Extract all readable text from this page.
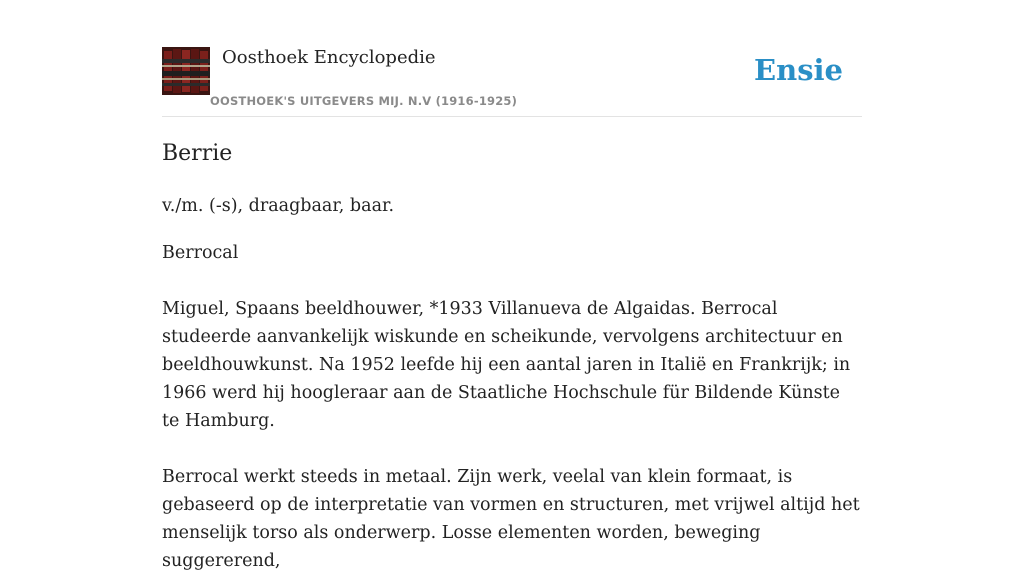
Oosthoek Encyclopedie
OOSTHOEK'S UITGEVERS MIJ. N.V (1916-1925)
Ensie
Berrie

v./m. (-s), draagbaar, baar.

Berrocal

Miguel, Spaans beeldhouwer, *1933 Villanueva de Algaidas. Berrocal studeerde aanvankelijk wiskunde en scheikunde, vervolgens architectuur en beeldhouwkunst. Na 1952 leefde hij een aantal jaren in Italië en Frankrijk; in 1966 werd hij hoogleraar aan de Staatliche Hochschule für Bildende Künste te Hamburg.

Berrocal werkt steeds in metaal. Zijn werk, veelal van klein formaat, is gebaseerd op de interpretatie van vormen en structuren, met vrijwel altijd het menselijk torso als onderwerp. Losse elementen worden, beweging suggererend,
